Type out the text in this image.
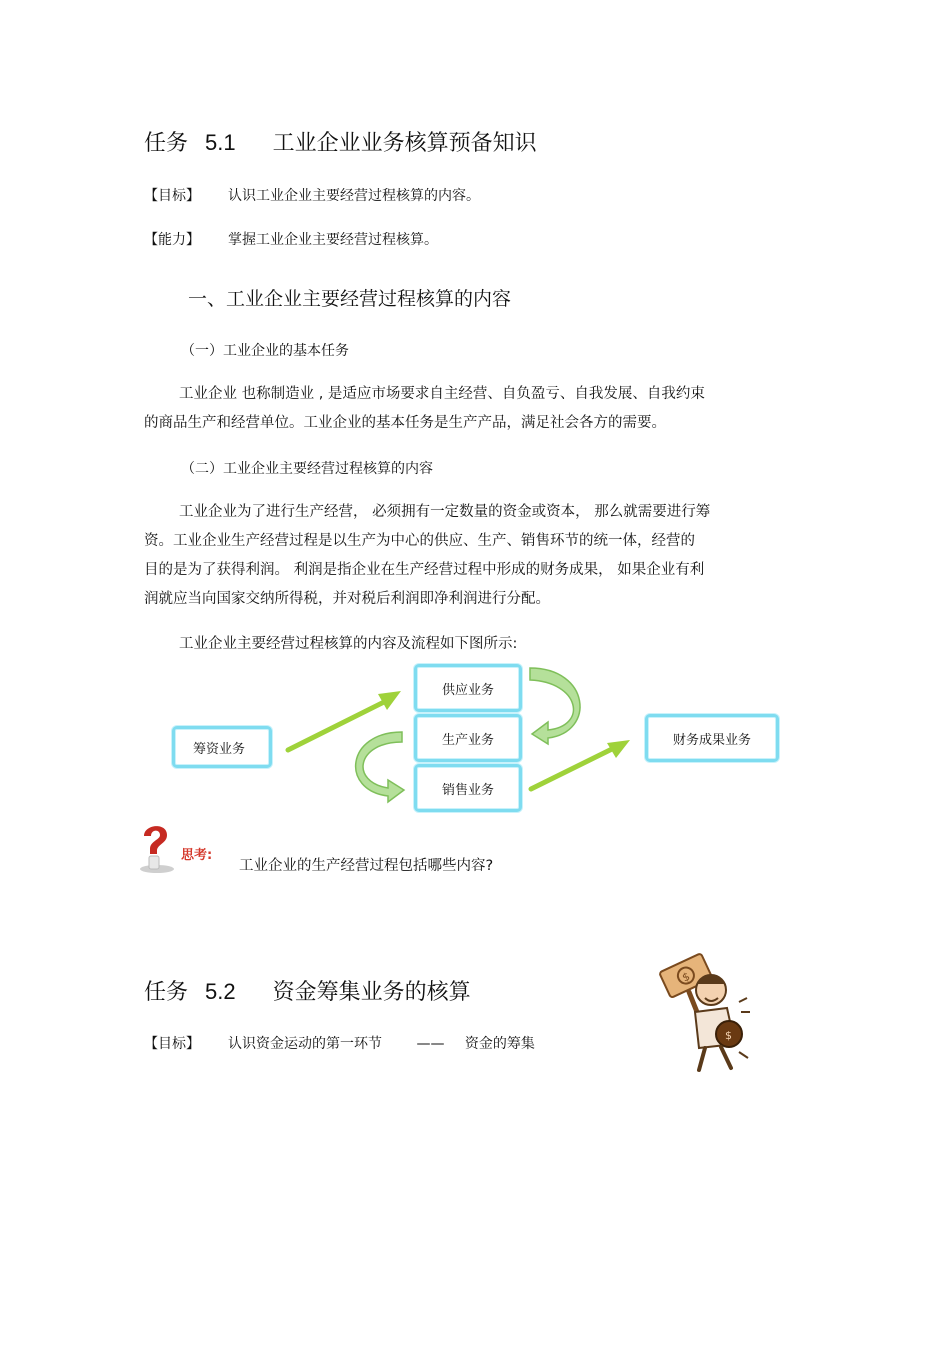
任务 5.1 工业企业业务核算预备知识
【目标】 认识工业企业主要经营过程核算的内容。
【能力】 掌握工业企业主要经营过程核算。
一、工业企业主要经营过程核算的内容
（一）工业企业的基本任务
工业企业 也称制造业 , 是适应市场要求自主经营、自负盈亏、自我发展、自我约束
的商品生产和经营单位。工业企业的基本任务是生产产品，满足社会各方的需要。
（二）工业企业主要经营过程核算的内容
工业企业为了进行生产经营， 必须拥有一定数量的资金或资本， 那么就需要进行筹
资。工业企业生产经营过程是以生产为中心的供应、生产、销售环节的统一体，经营的
目的是为了获得利润。 利润是指企业在生产经营过程中形成的财务成果， 如果企业有利
润就应当向国家交纳所得税，并对税后利润即净利润进行分配。
工业企业主要经营过程核算的内容及流程如下图所示:
筹资业务
供应业务
生产业务
销售业务
财务成果业务
思考:
工业企业的生产经营过程包括哪些内容?
任务 5.2 资金筹集业务的核算
【目标】 认识资金运动的第一环节 —— 资金的筹集
$
$
